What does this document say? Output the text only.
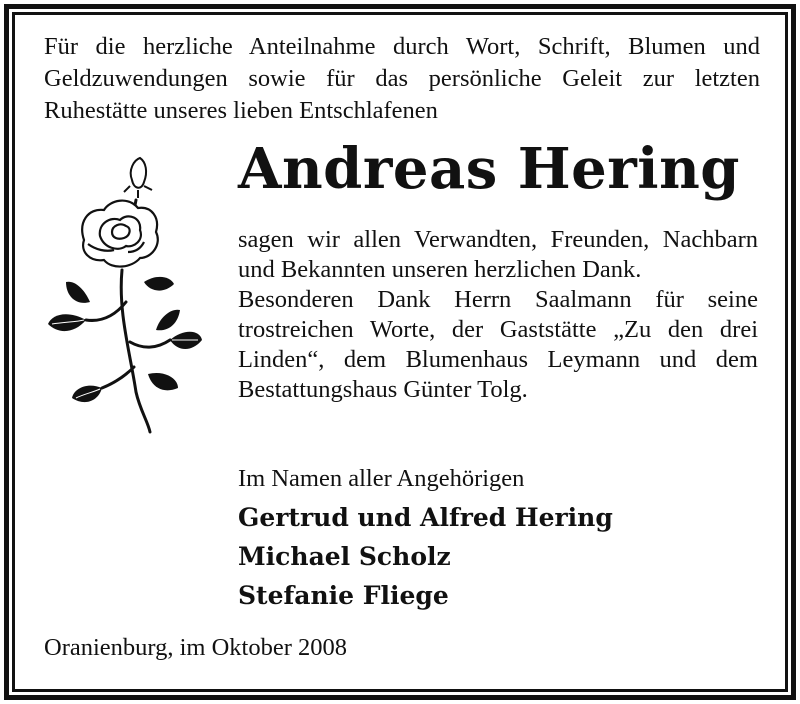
Für die herzliche Anteilnahme durch Wort, Schrift, Blumen und Geldzuwendungen sowie für das persönliche Geleit zur letzten Ruhestätte unseres lieben Entschlafenen

Andreas Hering

sagen wir allen Verwandten, Freunden, Nachbarn und Bekannten unseren herzlichen Dank.

Besonderen Dank Herrn Saalmann für seine trostreichen Worte, der Gaststätte „Zu den drei Linden“, dem Blumenhaus Leymann und dem Bestattungshaus Günter Tolg.

Im Namen aller Angehörigen

Gertrud und Alfred Hering
Michael Scholz
Stefanie Fliege

Oranienburg, im Oktober 2008
